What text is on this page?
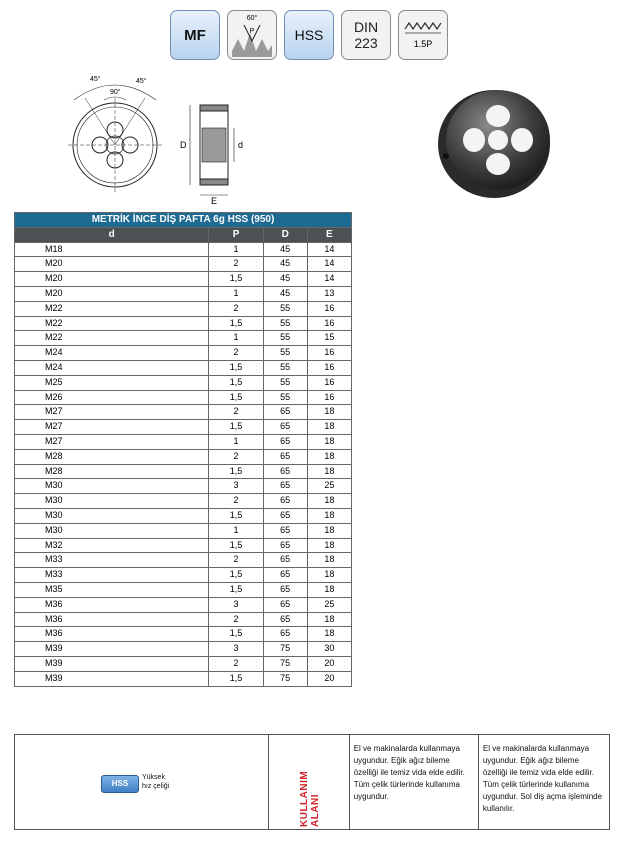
MF
60°
P	HSS DIN
223	1.5P
45°	45°
90°
D	d
E
METRİK İNCE DİŞ PAFTA 6g HSS (950)			
d	P	D	E
M18	1	45	14
M20	2	45	14
M20	1,5	45	14
M20	1	45	13
M22	2	55	16
M22	1,5	55	16
M22	1	55	15
M24	2	55	16
M24	1,5	55	16
M25	1,5	55	16
M26	1,5	55	16
M27	2	65	18
M27	1,5	65	18
M27	1	65	18
M28	2	65	18
M28	1,5	65	18
M30	3	65	25
M30	2	65	18
M30	1,5	65	18
M30	1	65	18
M32	1,5	65	18
M33	2	65	18
M33	1,5	65	18
M35	1,5	65	18
M36	3	65	25
M36	2	65	18
M36	1,5	65	18
M39	3	75	30
M39	2	75	20
M39	1,5	75	20
HSS
Yüksek
hız çeliği	KULLANIM ALANI
El ve makinalarda kullanmaya uygundur. Eğik ağız bileme özelliği ile temiz vida elde edilir. Tüm çelik türlerinde kullanıma uygundur.
El ve makinalarda kullanmaya uygundur. Eğik ağız bileme özelliği ile temiz vida elde edilir. Tüm çelik türlerinde kullanıma uygundur. Sol diş açma işleminde kullanılır.
